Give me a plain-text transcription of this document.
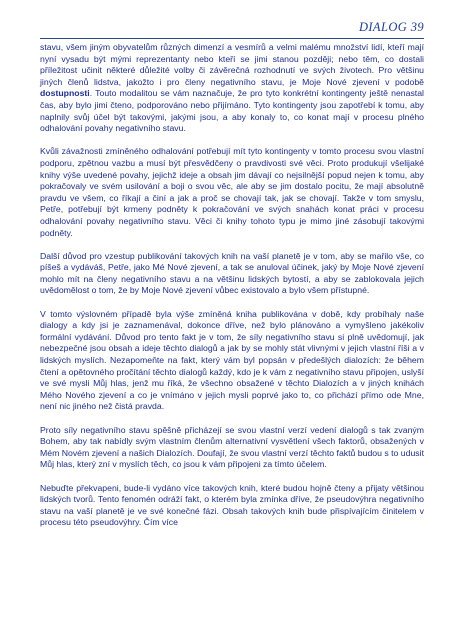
DIALOG 39

stavu, všem jiným obyvatelům různých dimenzí a vesmírů a velmi malému množství lidí, kteří mají nyní vysadu být mými reprezentanty nebo kteří se jimi stanou později; nebo těm, co dostali příležitost učinit některé důležité volby či závěrečná rozhodnutí ve svých životech. Pro většinu jiných členů lidstva, jakožto i pro členy negativního stavu, je Moje Nové zjevení v podobě dostupnosti. Touto modalitou se vám naznačuje, že pro tyto konkrétní kontingenty ještě nenastal čas, aby bylo jimi čteno, podporováno nebo přijímáno. Tyto kontingenty jsou zapotřebí k tomu, aby naplnily svůj účel být takovými, jakými jsou, a aby konaly to, co konat mají v procesu plného odhalování povahy negativního stavu.

Kvůli závažnosti zmíněného odhalování potřebují mít tyto kontingenty v tomto procesu svou vlastní podporu, zpětnou vazbu a musí být přesvědčeny o pravdivosti své věci. Proto produkují všelijaké knihy výše uvedené povahy, jejichž ideje a obsah jim dávají co nejsilnější popud nejen k tomu, aby pokračovaly ve svém usilování a boji o svou věc, ale aby se jim dostalo pocitu, že mají absolutně pravdu ve všem, co říkají a činí a jak a proč se chovají tak, jak se chovají. Takže v tom smyslu, Petře, potřebují být krmeny podněty k pokračování ve svých snahách konat práci v procesu odhalování povahy negativního stavu. Věci či knihy tohoto typu je mimo jiné zásobují takovými podněty.

Další důvod pro vzestup publikování takových knih na vaší planetě je v tom, aby se mařilo vše, co píšeš a vydáváš, Petře, jako Mé Nové zjevení, a tak se anuloval účinek, jaký by Moje Nové zjevení mohlo mít na členy negativního stavu a na většinu lidských bytostí, a aby se zablokovala jejich uvědomělost o tom, že by Moje Nové zjevení vůbec existovalo a bylo všem přístupné.

V tomto výslovném případě byla výše zmíněná kniha publikována v době, kdy probíhaly naše dialogy a kdy jsi je zaznamenával, dokonce dříve, než bylo plánováno a vymyšleno jakékoliv formální vydávání. Důvod pro tento fakt je v tom, že síly negativního stavu si plně uvědomují, jak nebezpečné jsou obsah a ideje těchto dialogů a jak by se mohly stát vlivnými v jejich vlastní říši a v lidských myslích. Nezapomeňte na fakt, který vám byl popsán v předešlých dialozích: že během čtení a opětovného pročítání těchto dialogů každý, kdo je k vám z negativního stavu připojen, uslyší ve své mysli Můj hlas, jenž mu říká, že všechno obsažené v těchto Dialozích a v jiných knihách Mého Nového zjevení a co je vnímáno v jejich mysli poprvé jako to, co přichází přímo ode Mne, není nic jiného než čistá pravda.

Proto síly negativního stavu spěšně přicházejí se svou vlastní verzí vedení dialogů s tak zvaným Bohem, aby tak nabídly svým vlastním členům alternativní vysvětlení všech faktorů, obsažených v Mém Novém zjevení a našich Dialozích. Doufají, že svou vlastní verzí těchto faktů budou s to udusit Můj hlas, který zní v myslích těch, co jsou k vám připojeni za tímto účelem.

Nebuďte překvapeni, bude-li vydáno více takových knih, které budou hojně čteny a přijaty většinou lidských tvorů. Tento fenomén odráží fakt, o kterém byla zmínka dříve, že pseudovýhra negativního stavu na vaší planetě je ve své konečné fázi. Obsah takových knih bude přispívajícím činitelem v procesu této pseudovýhry. Čím více
